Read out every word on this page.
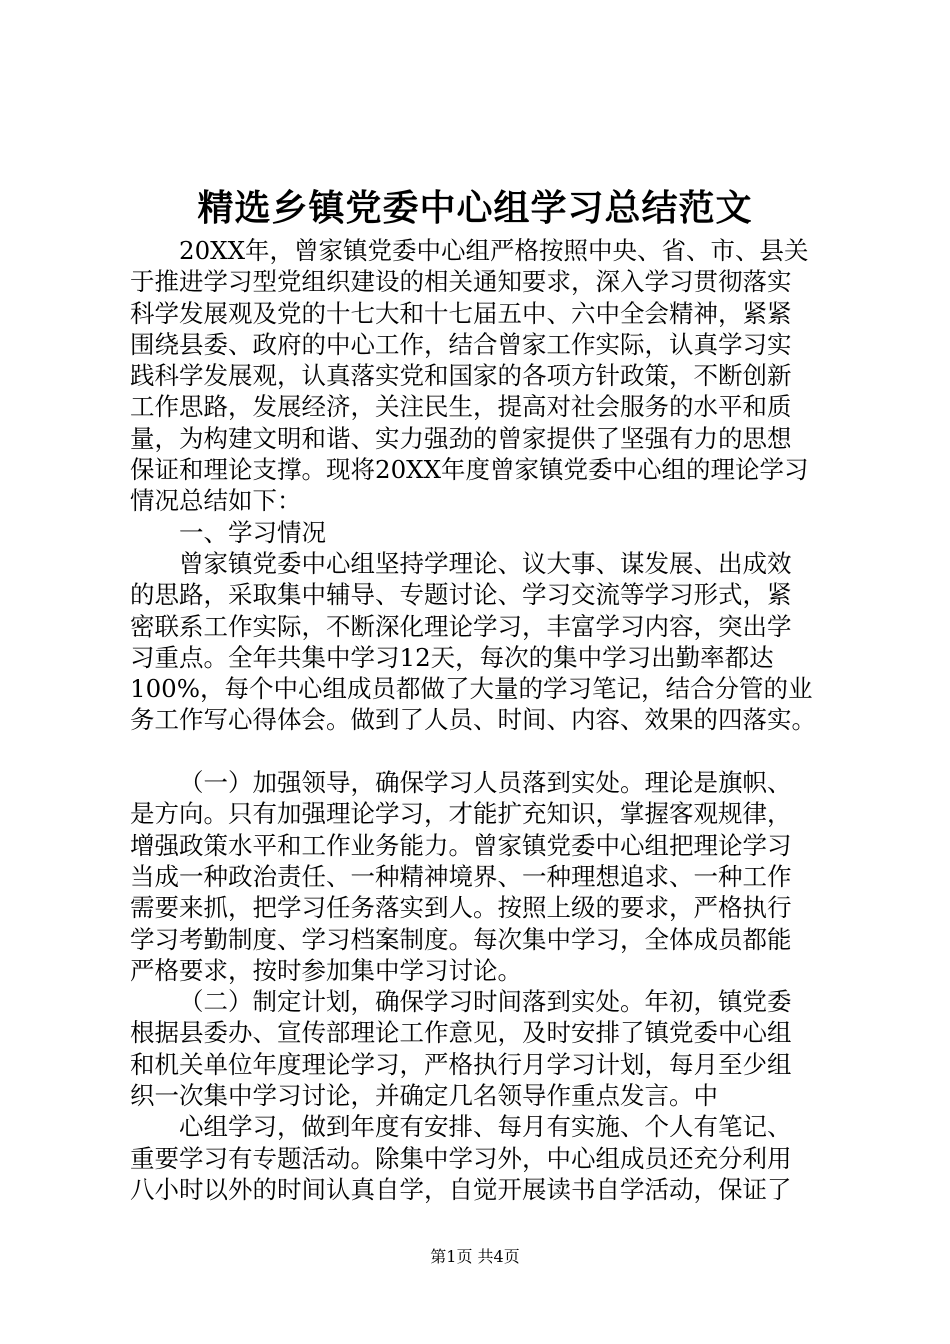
精选乡镇党委中心组学习总结范文
20XX年，曾家镇党委中心组严格按照中央、省、市、县关
于推进学习型党组织建设的相关通知要求，深入学习贯彻落实
科学发展观及党的十七大和十七届五中、六中全会精神，紧紧
围绕县委、政府的中心工作，结合曾家工作实际，认真学习实
践科学发展观，认真落实党和国家的各项方针政策，不断创新
工作思路，发展经济，关注民生，提高对社会服务的水平和质
量，为构建文明和谐、实力强劲的曾家提供了坚强有力的思想
保证和理论支撑。现将20XX年度曾家镇党委中心组的理论学习
情况总结如下：
一、学习情况
曾家镇党委中心组坚持学理论、议大事、谋发展、出成效
的思路，采取集中辅导、专题讨论、学习交流等学习形式，紧
密联系工作实际，不断深化理论学习，丰富学习内容，突出学
习重点。全年共集中学习12天，每次的集中学习出勤率都达
100%，每个中心组成员都做了大量的学习笔记，结合分管的业
务工作写心得体会。做到了人员、时间、内容、效果的四落实。
（一）加强领导，确保学习人员落到实处。理论是旗帜、
是方向。只有加强理论学习，才能扩充知识，掌握客观规律，
增强政策水平和工作业务能力。曾家镇党委中心组把理论学习
当成一种政治责任、一种精神境界、一种理想追求、一种工作
需要来抓，把学习任务落实到人。按照上级的要求，严格执行
学习考勤制度、学习档案制度。每次集中学习，全体成员都能
严格要求，按时参加集中学习讨论。
（二）制定计划，确保学习时间落到实处。年初，镇党委
根据县委办、宣传部理论工作意见，及时安排了镇党委中心组
和机关单位年度理论学习，严格执行月学习计划，每月至少组
织一次集中学习讨论，并确定几名领导作重点发言。中
心组学习，做到年度有安排、每月有实施、个人有笔记、
重要学习有专题活动。除集中学习外，中心组成员还充分利用
八小时以外的时间认真自学，自觉开展读书自学活动，保证了
第1页 共4页
